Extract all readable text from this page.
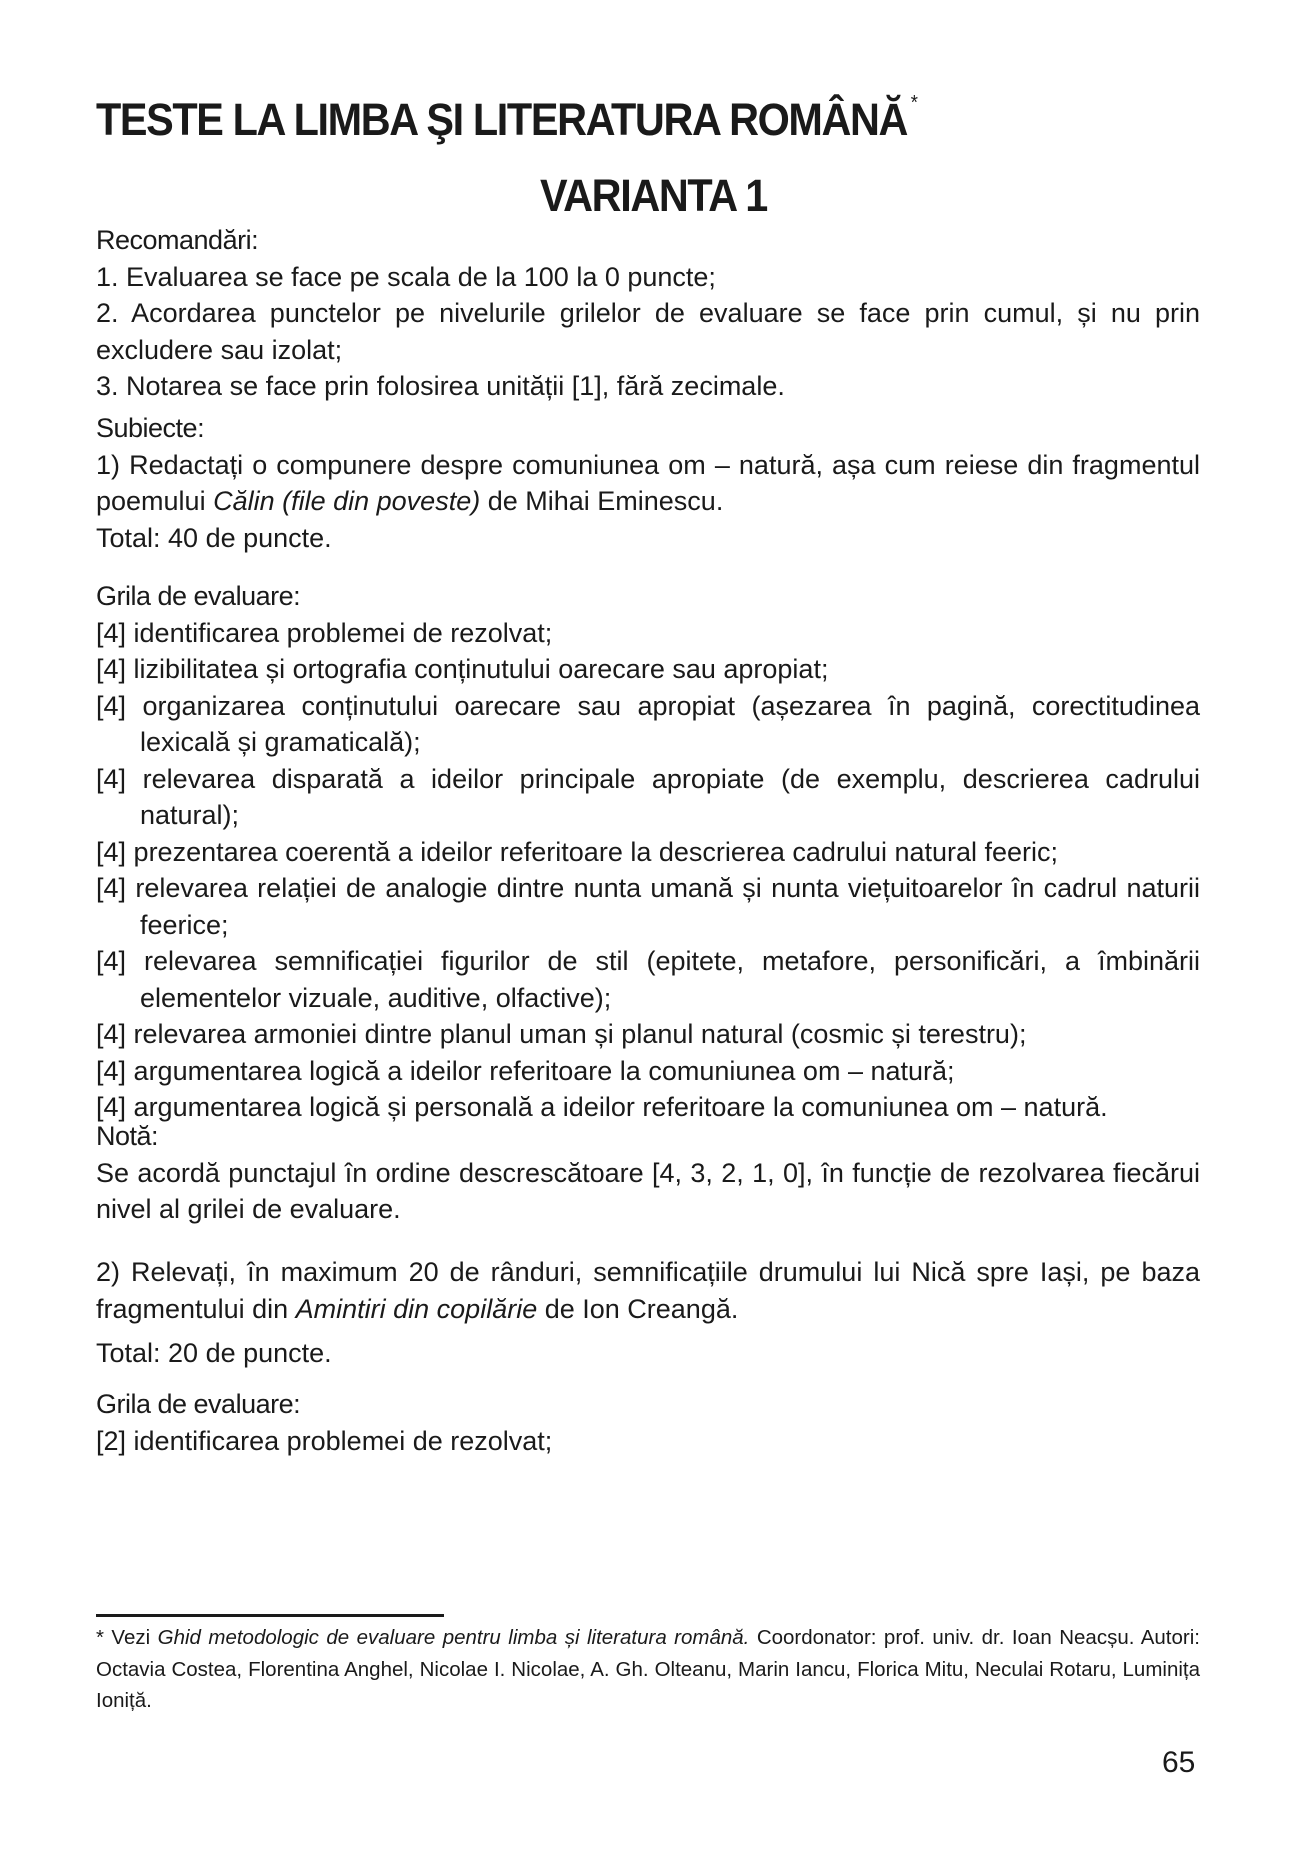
TESTE LA LIMBA ŞI LITERATURA ROMÂNĂ *
VARIANTA 1
Recomandări:
1. Evaluarea se face pe scala de la 100 la 0 puncte;
2. Acordarea punctelor pe nivelurile grilelor de evaluare se face prin cumul, și nu prin excludere sau izolat;
3. Notarea se face prin folosirea unității [1], fără zecimale.
Subiecte:
1) Redactați o compunere despre comuniunea om – natură, așa cum reiese din fragmentul poemului Călin (file din poveste) de Mihai Eminescu.
Total: 40 de puncte.
Grila de evaluare:
[4] identificarea problemei de rezolvat;
[4] lizibilitatea și ortografia conținutului oarecare sau apropiat;
[4] organizarea conținutului oarecare sau apropiat (așezarea în pagină, corectitudinea lexicală și gramaticală);
[4] relevarea disparată a ideilor principale apropiate (de exemplu, descrierea cadrului natural);
[4] prezentarea coerentă a ideilor referitoare la descrierea cadrului natural feeric;
[4] relevarea relației de analogie dintre nunta umană și nunta viețuitoarelor în cadrul naturii feerice;
[4] relevarea semnificației figurilor de stil (epitete, metafore, personificări, a îmbinării elementelor vizuale, auditive, olfactive);
[4] relevarea armoniei dintre planul uman și planul natural (cosmic și terestru);
[4] argumentarea logică a ideilor referitoare la comuniunea om – natură;
[4] argumentarea logică și personală a ideilor referitoare la comuniunea om – natură.
Notă:
Se acordă punctajul în ordine descrescătoare [4, 3, 2, 1, 0], în funcție de rezolvarea fiecărui nivel al grilei de evaluare.
2) Relevați, în maximum 20 de rânduri, semnificațiile drumului lui Nică spre Iași, pe baza fragmentului din Amintiri din copilărie de Ion Creangă.
Total: 20 de puncte.
Grila de evaluare:
[2] identificarea problemei de rezolvat;
* Vezi Ghid metodologic de evaluare pentru limba și literatura română. Coordonator: prof. univ. dr. Ioan Neacșu. Autori: Octavia Costea, Florentina Anghel, Nicolae I. Nicolae, A. Gh. Olteanu, Marin Iancu, Florica Mitu, Neculai Rotaru, Luminița Ioniță.
65
